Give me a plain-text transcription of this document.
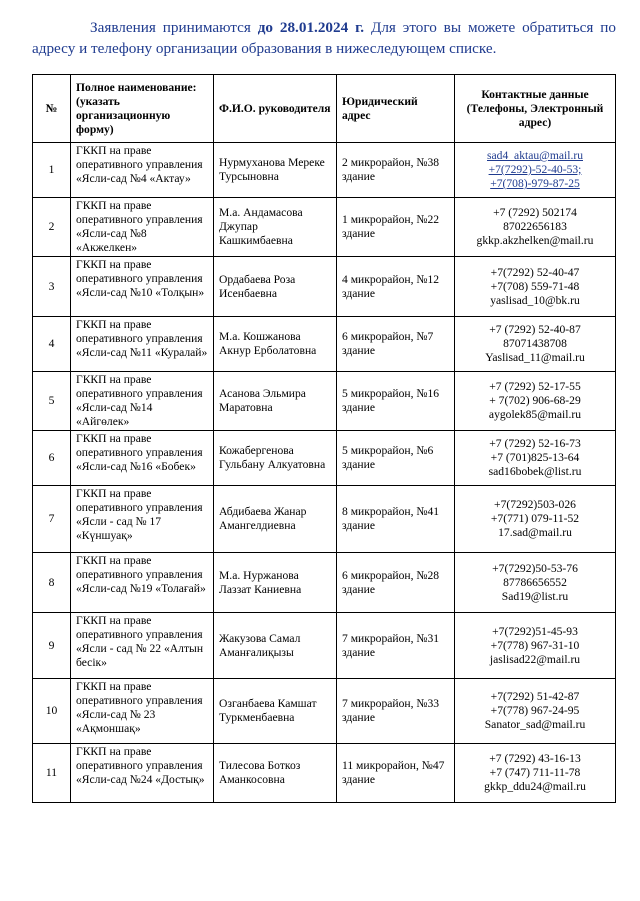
Заявления принимаются до 28.01.2024 г. Для этого вы можете обратиться по адресу и телефону организации образования в нижеследующем списке.

№	Полное наименование: (указать организационную форму)	Ф.И.О. руководителя	Юридический адрес	Контактные данные (Телефоны, Электронный адрес)
1	ГККП на праве оперативного управления «Ясли-сад №4 «Актау»	Нурмуханова Мереке Турсыновна	2 микрорайон, №38 здание	sad4_aktau@mail.ru
+7(7292)-52-40-53;
+7(708)-979-87-25

2	ГККП на праве оперативного управления «Ясли-сад №8 «Акжелкен»	М.а. Андамасова Джупар Кашкимбаевна	1 микрорайон, №22 здание	+7 (7292) 502174
87022656183
gkkp.akzhelken@mail.ru

3	ГККП на праве оперативного управления «Ясли-сад №10 «Толқын»	Ордабаева Роза Исенбаевна	4 микрорайон, №12 здание	+7(7292) 52-40-47
+7(708) 559-71-48
yaslisad_10@bk.ru

4	ГККП на праве оперативного управления «Ясли-сад №11 «Куралай»	М.а. Кошжанова Акнур Ерболатовна	6 микрорайон, №7 здание	+7 (7292) 52-40-87
87071438708
Yaslisad_11@mail.ru

5	ГККП на праве оперативного управления «Ясли-сад №14 «Айгөлек»	Асанова Эльмира Маратовна	5 микрорайон, №16 здание	+7 (7292) 52-17-55
+ 7(702) 906-68-29
aygolek85@mail.ru

6	ГККП на праве оперативного управления «Ясли-сад №16 «Бобек»	Кожабергенова Гульбану Алкуатовна	5 микрорайон, №6 здание	+7 (7292) 52-16-73
+7 (701)825-13-64
sad16bobek@list.ru

7	ГККП на праве оперативного управления «Ясли - сад № 17 «Күншуақ»	Абдибаева Жанар Амангелдиевна	8 микрорайон, №41 здание	+7(7292)503-026
+7(771) 079-11-52
17.sad@mail.ru

8	ГККП на праве оперативного управления «Ясли-сад №19 «Толағай»	М.а. Нуржанова Лаззат Каниевна	6 микрорайон, №28 здание	+7(7292)50-53-76
87786656552
Sad19@list.ru

9	ГККП на праве оперативного управления «Ясли - сад № 22 «Алтын бесік»	Жакузова Самал Аманғалиқызы	7 микрорайон, №31 здание	+7(7292)51-45-93
+7(778) 967-31-10
jaslisad22@mail.ru

10	ГККП на праве оперативного управления «Ясли-сад № 23 «Ақмоншақ»	Озганбаева Камшат Туркменбаевна	7 микрорайон, №33 здание	+7(7292) 51-42-87
+7(778) 967-24-95
Sanator_sad@mail.ru

11	ГККП на праве оперативного управления «Ясли-сад №24 «Достық»	Тилесова Боткоз Аманкосовна	11 микрорайон, №47 здание	+7 (7292) 43-16-13
+7 (747) 711-11-78
gkkp_ddu24@mail.ru
